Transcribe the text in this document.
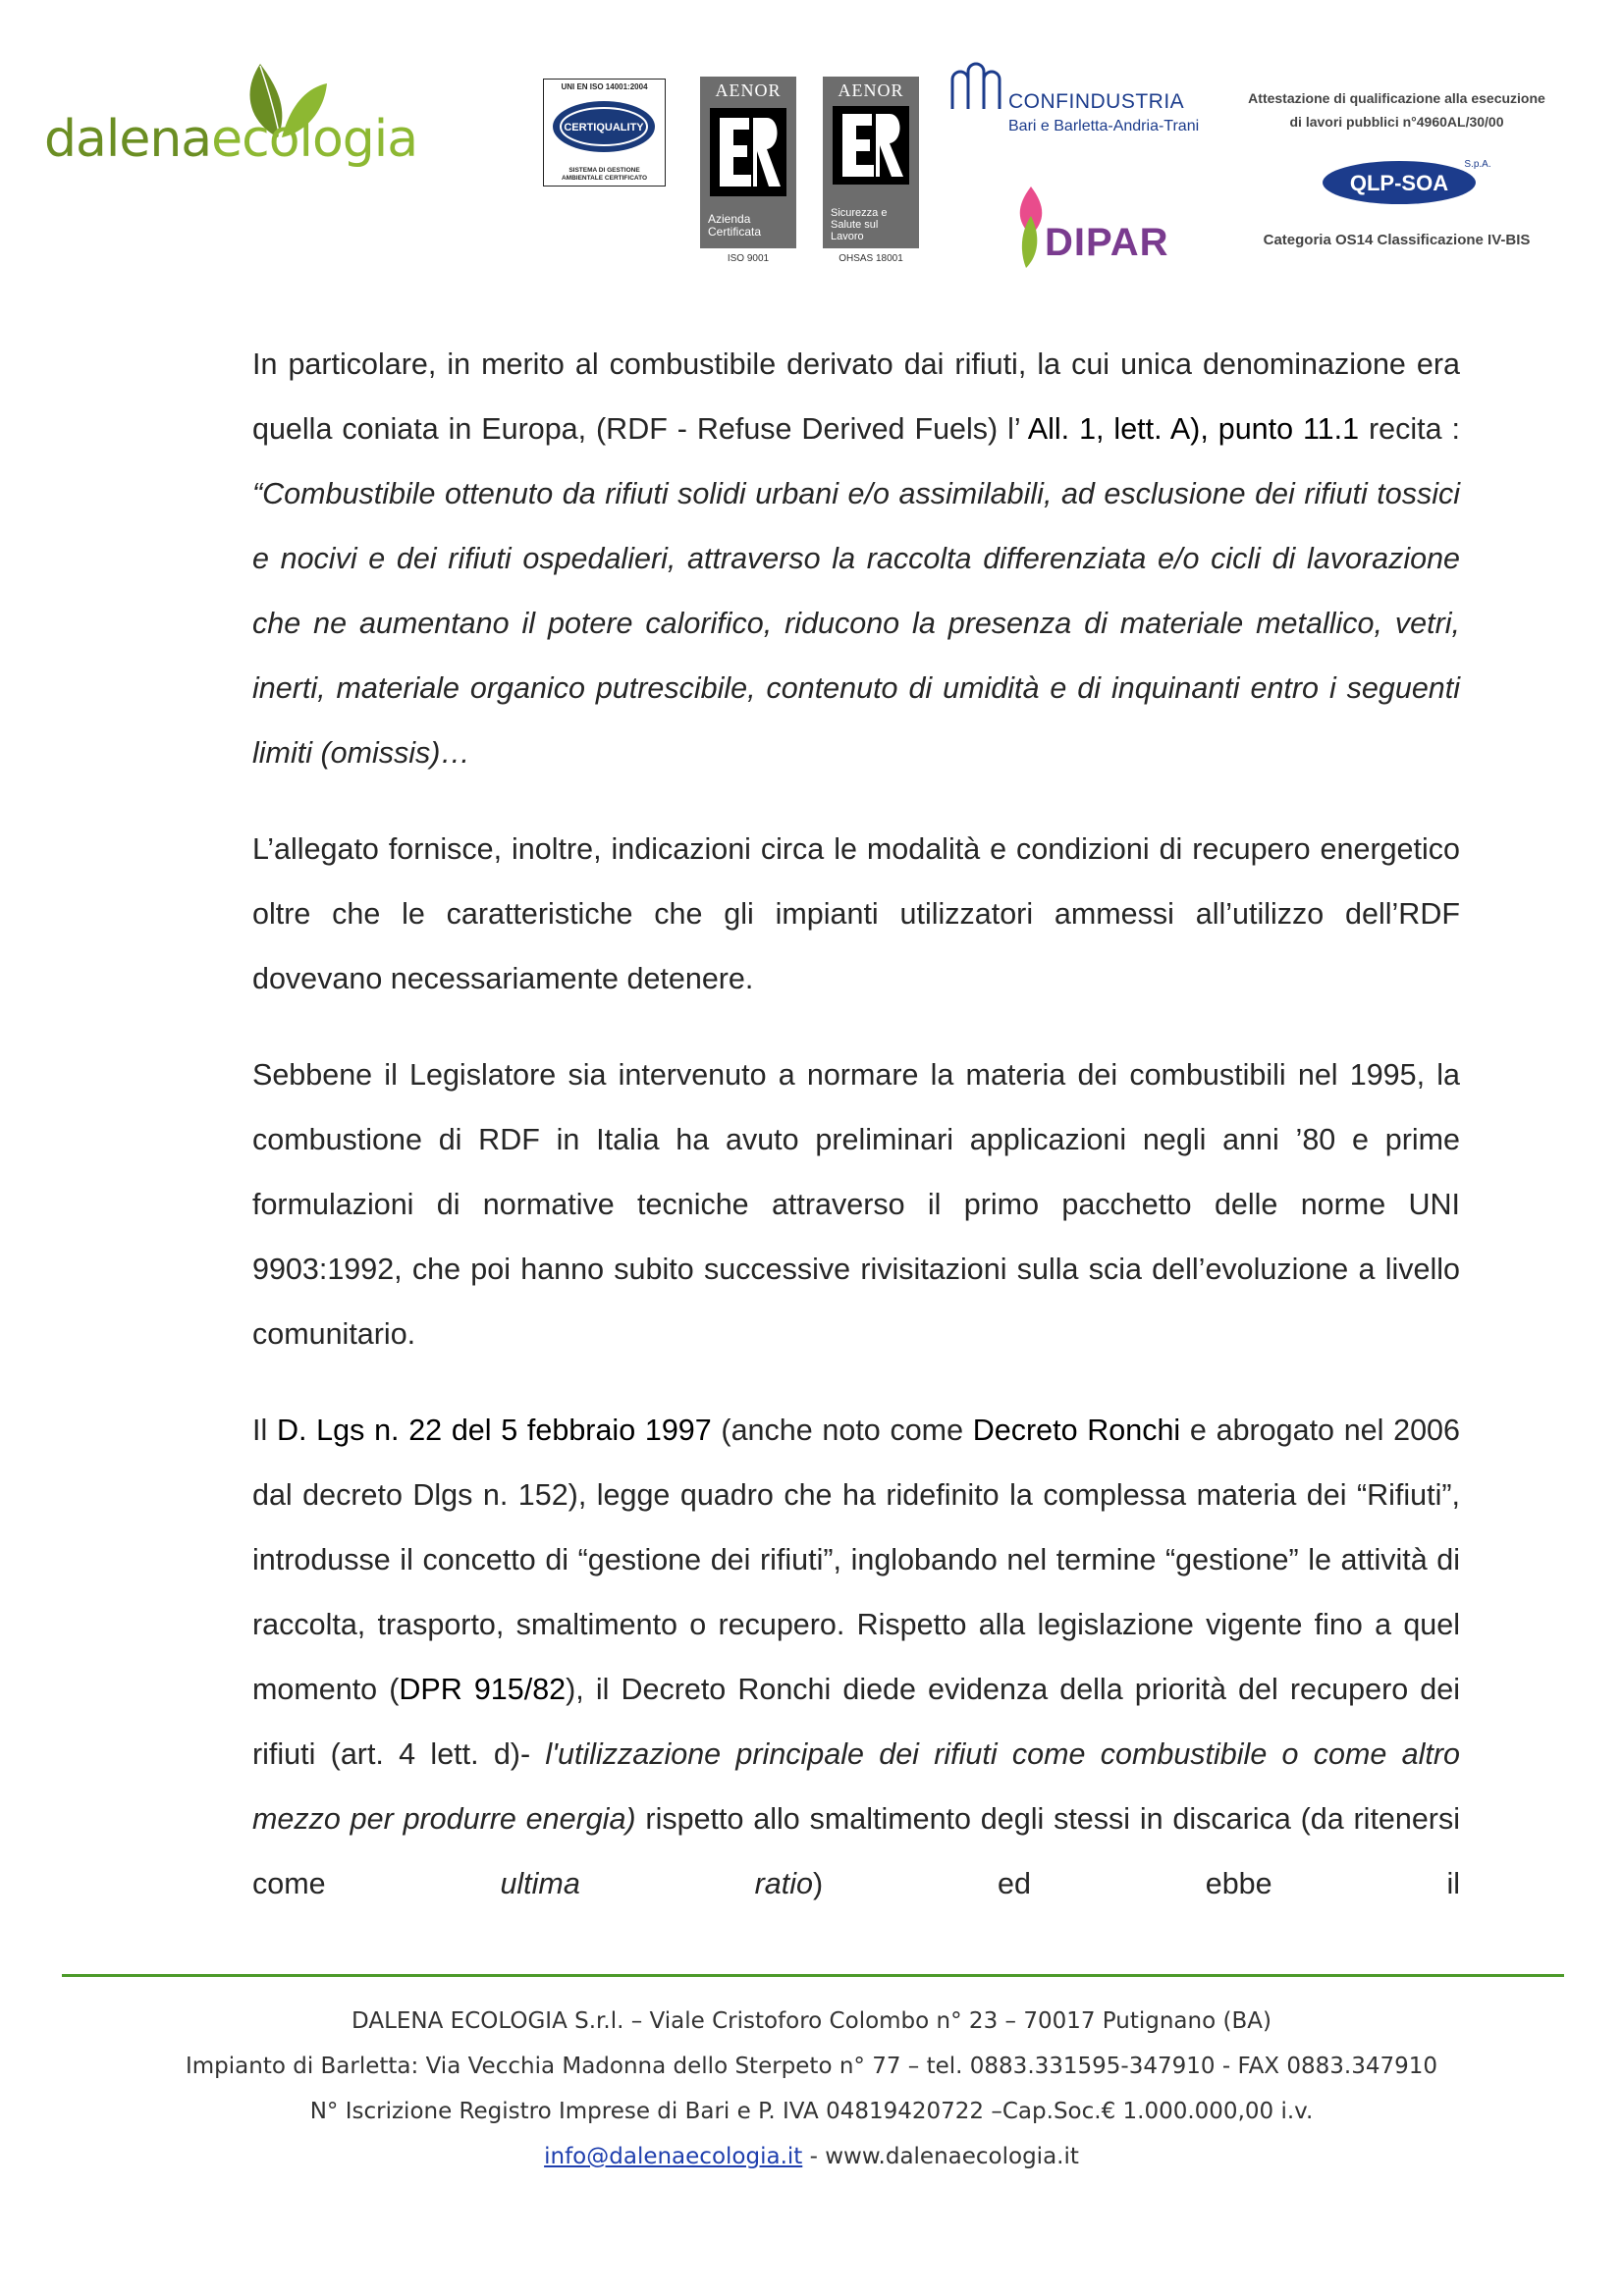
dalenaecologia
UNI EN ISO 14001:2004
CERTIQUALITY
SISTEMA DI GESTIONE
AMBIENTALE CERTIFICATO
AENOR
Azienda
Certificata
ISO 9001
AENOR
Sicurezza e
Salute sul
Lavoro
OHSAS 18001
CONFINDUSTRIA
Bari e Barletta-Andria-Trani
DIPAR
Attestazione di qualificazione alla esecuzione
di lavori pubblici n°4960AL/30/00
QLP-SOA
S.p.A.
Categoria OS14 Classificazione IV-BIS

In particolare, in merito al combustibile derivato dai rifiuti, la cui unica denominazione era quella coniata in Europa, (RDF - Refuse Derived Fuels) l’ All. 1, lett. A), punto 11.1 recita : “Combustibile ottenuto da rifiuti solidi urbani e/o assimilabili, ad esclusione dei rifiuti tossici e nocivi e dei rifiuti ospedalieri, attraverso la raccolta differenziata e/o cicli di lavorazione che ne aumentano il potere calorifico, riducono la presenza di materiale metallico, vetri, inerti, materiale organico putrescibile, contenuto di umidità e di inquinanti entro i seguenti limiti (omissis)…

L’allegato fornisce, inoltre, indicazioni circa le modalità e condizioni di recupero energetico oltre che le caratteristiche che gli impianti utilizzatori ammessi all’utilizzo dell’RDF dovevano necessariamente detenere.

Sebbene il Legislatore sia intervenuto a normare la materia dei combustibili nel 1995, la combustione di RDF in Italia ha avuto preliminari applicazioni negli anni ’80 e prime formulazioni di normative tecniche attraverso il primo pacchetto delle norme UNI 9903:1992, che poi hanno subito successive rivisitazioni sulla scia dell’evoluzione a livello comunitario.

Il D. Lgs n. 22 del 5 febbraio 1997 (anche noto come Decreto Ronchi e abrogato nel 2006 dal decreto Dlgs n. 152), legge quadro che ha ridefinito la complessa materia dei “Rifiuti”, introdusse il concetto di “gestione dei rifiuti”, inglobando nel termine “gestione” le attività di raccolta, trasporto, smaltimento o recupero. Rispetto alla legislazione vigente fino a quel momento (DPR 915/82), il Decreto Ronchi diede evidenza della priorità del recupero dei rifiuti (art. 4 lett. d)- l'utilizzazione principale dei rifiuti come combustibile o come altro mezzo per produrre energia) rispetto allo smaltimento degli stessi in discarica (da ritenersi come ultima ratio) ed ebbe il

DALENA ECOLOGIA S.r.l. – Viale Cristoforo Colombo n° 23 – 70017 Putignano (BA)
Impianto di Barletta: Via Vecchia Madonna dello Sterpeto n° 77 – tel. 0883.331595-347910 - FAX 0883.347910
N° Iscrizione Registro Imprese di Bari e P. IVA 04819420722 –Cap.Soc.€ 1.000.000,00 i.v.
info@dalenaecologia.it - www.dalenaecologia.it
